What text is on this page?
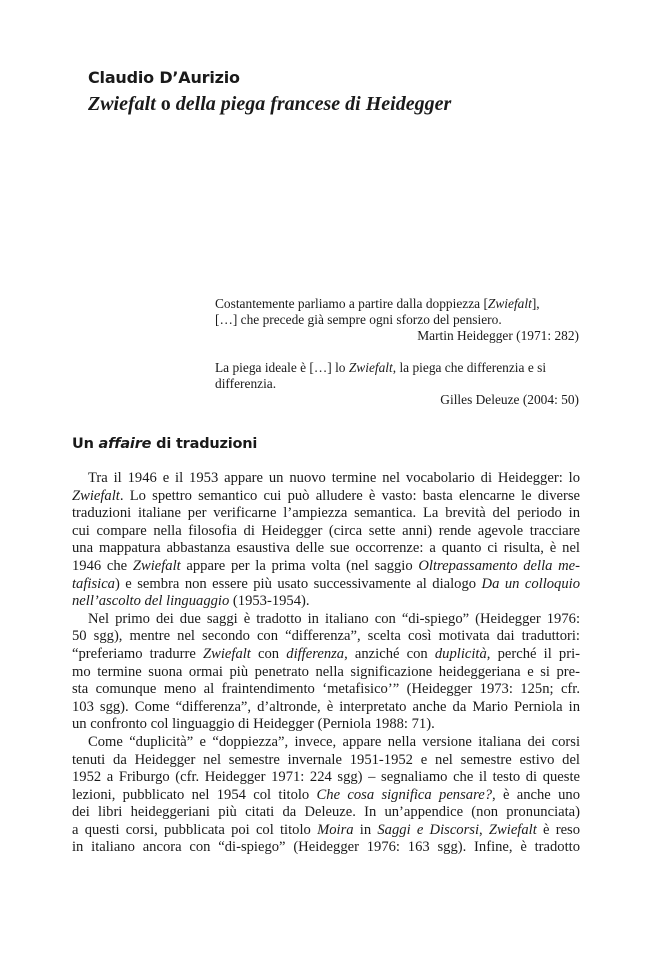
Claudio D’Aurizio
Zwiefalt o della piega francese di Heidegger

Costantemente parliamo a partire dalla doppiezza [Zwiefalt],
[…] che precede già sempre ogni sforzo del pensiero.

Martin Heidegger (1971: 282)

La piega ideale è […] lo Zwiefalt, la piega che differenzia e si
differenzia.

Gilles Deleuze (2004: 50)

Un affaire di traduzioni
Tra il 1946 e il 1953 appare un nuovo termine nel vocabolario di Heidegger: lo
Zwiefalt. Lo spettro semantico cui può alludere è vasto: basta elencarne le diverse
traduzioni italiane per verificarne l’ampiezza semantica. La brevità del periodo in
cui compare nella filosofia di Heidegger (circa sette anni) rende agevole tracciare
una mappatura abbastanza esaustiva delle sue occorrenze: a quanto ci risulta, è nel
1946 che Zwiefalt appare per la prima volta (nel saggio Oltrepassamento della me-
tafisica) e sembra non essere più usato successivamente al dialogo Da un colloquio
nell’ascolto del linguaggio (1953-1954).
Nel primo dei due saggi è tradotto in italiano con “di-spiego” (Heidegger 1976:
50 sgg), mentre nel secondo con “differenza”, scelta così motivata dai traduttori:
“preferiamo tradurre Zwiefalt con differenza, anziché con duplicità, perché il pri-
mo termine suona ormai più penetrato nella significazione heideggeriana e si pre-
sta comunque meno al fraintendimento ‘metafisico’” (Heidegger 1973: 125n; cfr.
103 sgg). Come “differenza”, d’altronde, è interpretato anche da Mario Perniola in
un confronto col linguaggio di Heidegger (Perniola 1988: 71).
Come “duplicità” e “doppiezza”, invece, appare nella versione italiana dei corsi
tenuti da Heidegger nel semestre invernale 1951-1952 e nel semestre estivo del
1952 a Friburgo (cfr. Heidegger 1971: 224 sgg) – segnaliamo che il testo di queste
lezioni, pubblicato nel 1954 col titolo Che cosa significa pensare?, è anche uno
dei libri heideggeriani più citati da Deleuze. In un’appendice (non pronunciata)
a questi corsi, pubblicata poi col titolo Moira in Saggi e Discorsi, Zwiefalt è reso
in italiano ancora con “di-spiego” (Heidegger 1976: 163 sgg). Infine, è tradotto
